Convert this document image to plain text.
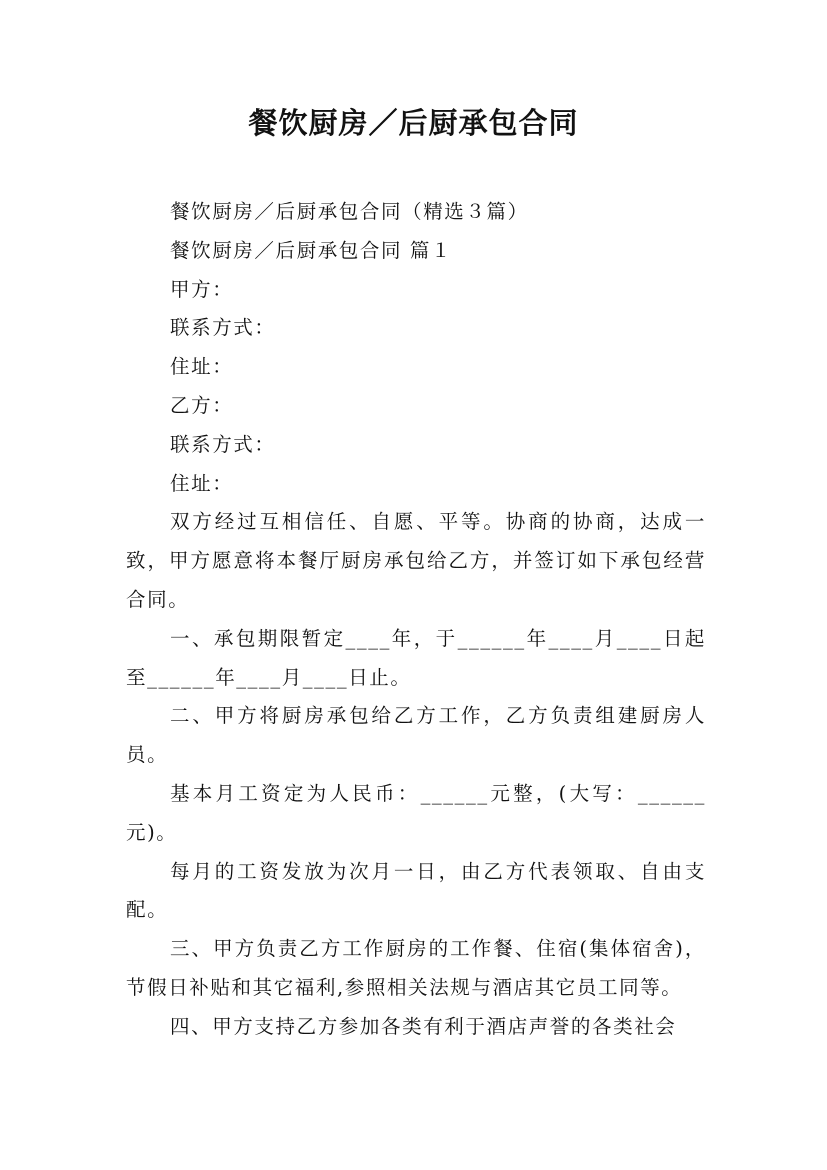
餐饮厨房／后厨承包合同

餐饮厨房／后厨承包合同（精选３篇）

餐饮厨房／后厨承包合同 篇１

甲方：

联系方式：

住址：

乙方：

联系方式：

住址：

双方经过互相信任、自愿、平等。协商的协商，达成一致，甲方愿意将本餐厅厨房承包给乙方，并签订如下承包经营合同。

一、承包期限暂定____年，于______年____月____日起至______年____月____日止。

二、甲方将厨房承包给乙方工作，乙方负责组建厨房人员。

基本月工资定为人民币：______元整，(大写：______元)。

每月的工资发放为次月一日，由乙方代表领取、自由支配。

三、甲方负责乙方工作厨房的工作餐、住宿(集体宿舍)，节假日补贴和其它福利,参照相关法规与酒店其它员工同等。

四、甲方支持乙方参加各类有利于酒店声誉的各类社会
